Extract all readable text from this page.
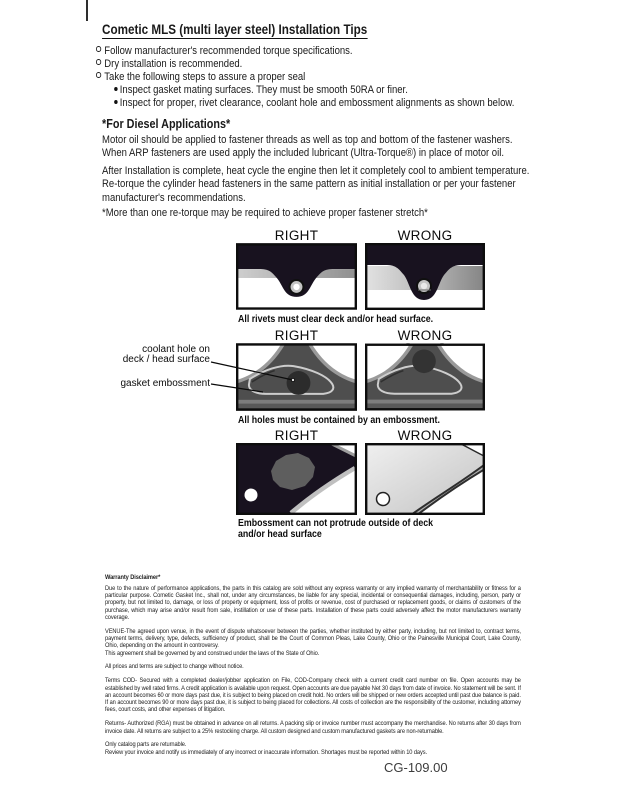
Cometic MLS (multi layer steel) Installation Tips
Follow manufacturer's recommended torque specifications.
Dry installation is recommended.
Take the following steps to assure a proper seal
Inspect gasket mating surfaces. They must be smooth 50RA or finer.
Inspect for proper, rivet clearance, coolant hole and embossment alignments as shown below.
*For Diesel Applications*
Motor oil should be applied to fastener threads as well as top and bottom of the fastener washers. When ARP fasteners are used apply the included lubricant (Ultra-Torque®) in place of motor oil.
After Installation is complete, heat cycle the engine then let it completely cool to ambient temperature. Re-torque the cylinder head fasteners in the same pattern as initial installation or per your fastener manufacturer's recommendations.
*More than one re-torque may be required to achieve proper fastener stretch*
RIGHT	WRONG
All rivets must clear deck and/or head surface.
RIGHT	WRONG
All holes must be contained by an embossment.
coolant hole on
deck / head surface
gasket embossment
RIGHT	WRONG
Embossment can not protrude outside of deck
and/or head surface

Warranty Disclaimer*

Due to the nature of performance applications, the parts in this catalog are sold without any express warranty or any implied warranty of merchantability or fitness for a particular purpose. Cometic Gasket Inc., shall not, under any circumstances, be liable for any special, incidental or consequential damages, including, person, party or property, but not limited to, damage, or loss of property or equipment, loss of profits or revenue, cost of purchased or replacement goods, or claims of customers of the purchase, which may arise and/or result from sale, instillation or use of these parts. Installation of these parts could adversely affect the motor manufacturers warranty coverage.

VENUE-The agreed upon venue, in the event of dispute whatsoever between the parties, whether instituted by either party, including, but not limited to, contract terms, payment terms, delivery, type, defects, sufficiency of product, shall be the Court of Common Pleas, Lake County, Ohio or the Painesville Municipal Court, Lake County, Ohio, depending on the amount in controversy.

This agreement shall be governed by and construed under the laws of the State of Ohio.

All prices and terms are subject to change without notice.

Terms COD- Secured with a completed dealer/jobber application on File, COD-Company check with a current credit card number on file. Open accounts may be established by well rated firms. A credit application is available upon request. Open accounts are due payable Net 30 days from date of invoice. No statement will be sent. If an account becomes 60 or more days past due, it is subject to being placed on credit hold. No orders will be shipped or new orders accepted until past due balance is paid. If an account becomes 90 or more days past due, it is subject to being placed for collections. All costs of collection are the responsibility of the customer, including attorney fees, court costs, and other expenses of litigation.

Returns- Authorized (RGA) must be obtained in advance on all returns. A packing slip or invoice number must accompany the merchandise. No returns after 30 days from invoice date. All returns are subject to a 25% restocking charge. All custom designed and custom manufactured gaskets are non-returnable.

Only catalog parts are returnable.

Review your invoice and notify us immediately of any incorrect or inaccurate information. Shortages must be reported within 10 days.

CG-109.00
